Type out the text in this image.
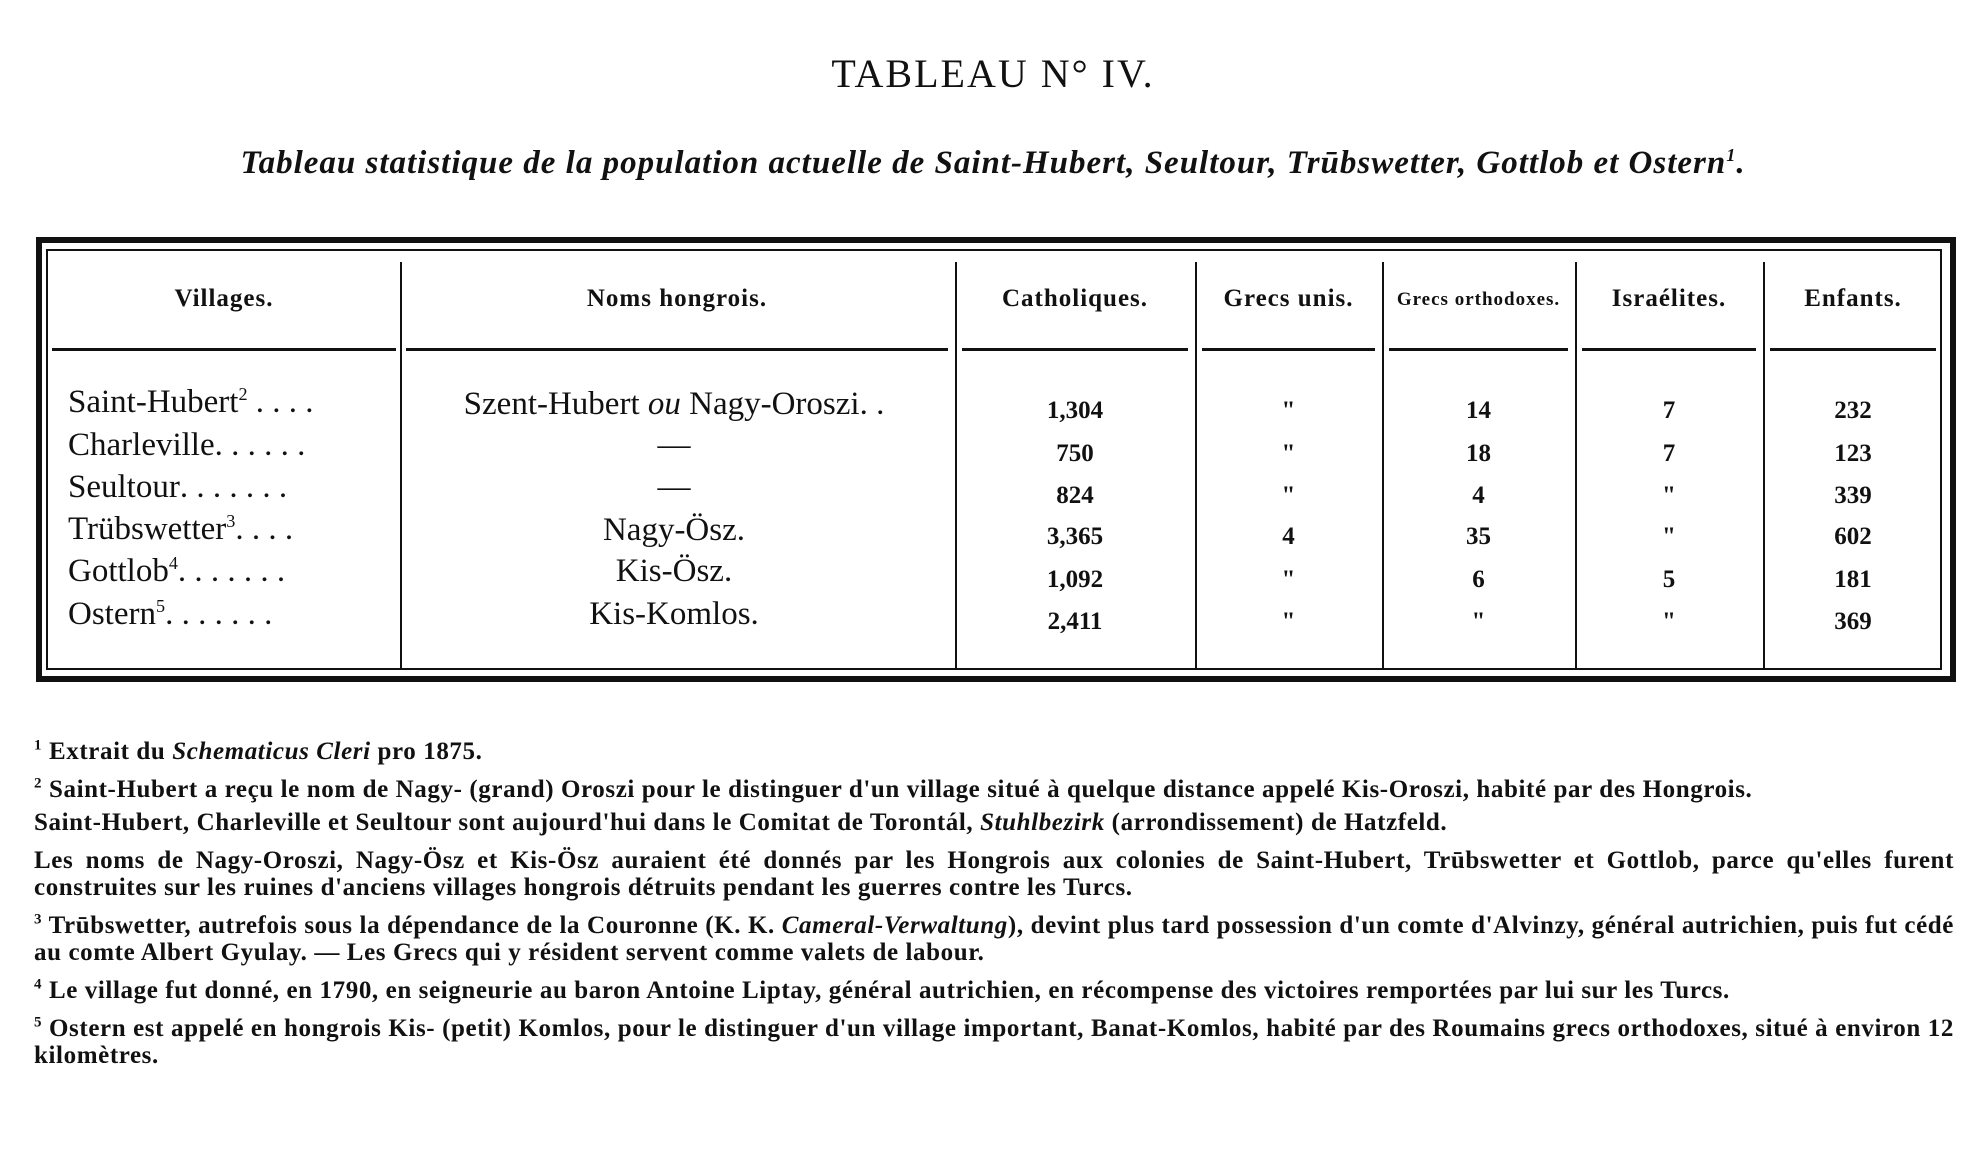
TABLEAU N° IV.
Tableau statistique de la population actuelle de Saint-Hubert, Seultour, Trūbswetter, Gottlob et Ostern$^1$.
Villages.	Noms hongrois.	Catholiques.	Grecs unis.	Grecs orthodoxes.	Israélites.	Enfants.
Saint-Hubert$^2$ . . . .	Szent-Hubert ou Nagy-Oroszi. .	1,304	"	14	7	232
Charleville. . . . . .	—	750	"	18	7	123
Seultour. . . . . . .	—	824	"	4	"	339
Trübswetter$^3$. . . .	Nagy-Ösz.	3,365	4	35	"	602
Gottlob$^4$. . . . . . .	Kis-Ösz.	1,092	"	6	5	181
Ostern$^5$. . . . . . .	Kis-Komlos.	2,411	"	"	"	369
$^1$ Extrait du Schematicus Cleri pro 1875.
$^2$ Saint-Hubert a reçu le nom de Nagy- (grand) Oroszi pour le distinguer d'un village situé à quelque distance appelé Kis-Oroszi, habité par des Hongrois.
Saint-Hubert, Charleville et Seultour sont aujourd'hui dans le Comitat de Torontál, Stuhlbezirk (arrondissement) de Hatzfeld.
Les noms de Nagy-Oroszi, Nagy-Ösz et Kis-Ösz auraient été donnés par les Hongrois aux colonies de Saint-Hubert, Trūbswetter et Gottlob, parce qu'elles furent construites sur les ruines d'anciens villages hongrois détruits pendant les guerres contre les Turcs.
$^3$ Trūbswetter, autrefois sous la dépendance de la Couronne (K. K. Cameral-Verwaltung), devint plus tard possession d'un comte d'Alvinzy, général autrichien, puis fut cédé au comte Albert Gyulay. — Les Grecs qui y résident servent comme valets de labour.
$^4$ Le village fut donné, en 1790, en seigneurie au baron Antoine Liptay, général autrichien, en récompense des victoires remportées par lui sur les Turcs.
$^5$ Ostern est appelé en hongrois Kis- (petit) Komlos, pour le distinguer d'un village important, Banat-Komlos, habité par des Roumains grecs orthodoxes, situé à environ 12 kilomètres.
